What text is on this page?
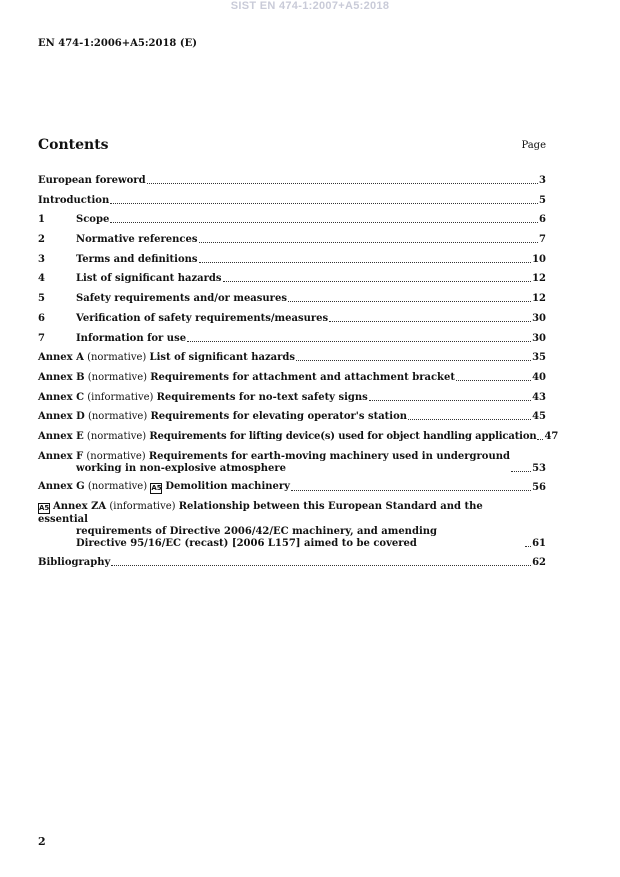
SIST EN 474-1:2007+A5:2018
EN 474-1:2006+A5:2018 (E)
Contents	Page
European foreword	3
Introduction	5
1	Scope	6
2	Normative references	7
3	Terms and definitions	10
4	List of significant hazards	12
5	Safety requirements and/or measures	12
6	Verification of safety requirements/measures	30
7	Information for use	30
Annex A (normative) List of significant hazards	35
Annex B (normative) Requirements for attachment and attachment bracket	40
Annex C (informative) Requirements for no-text safety signs	43
Annex D (normative) Requirements for elevating operator's station	45
Annex E (normative) Requirements for lifting device(s) used for object handling application 47
Annex F (normative) Requirements for earth-moving machinery used in underground
working in non-explosive atmosphere	53
Annex G (normative) A5 Demolition machinery	56
A5 Annex ZA (informative) Relationship between this European Standard and the essential
requirements of Directive 2006/42/EC machinery, and amending
Directive 95/16/EC (recast) [2006 L157] aimed to be covered	61
Bibliography	62
2
